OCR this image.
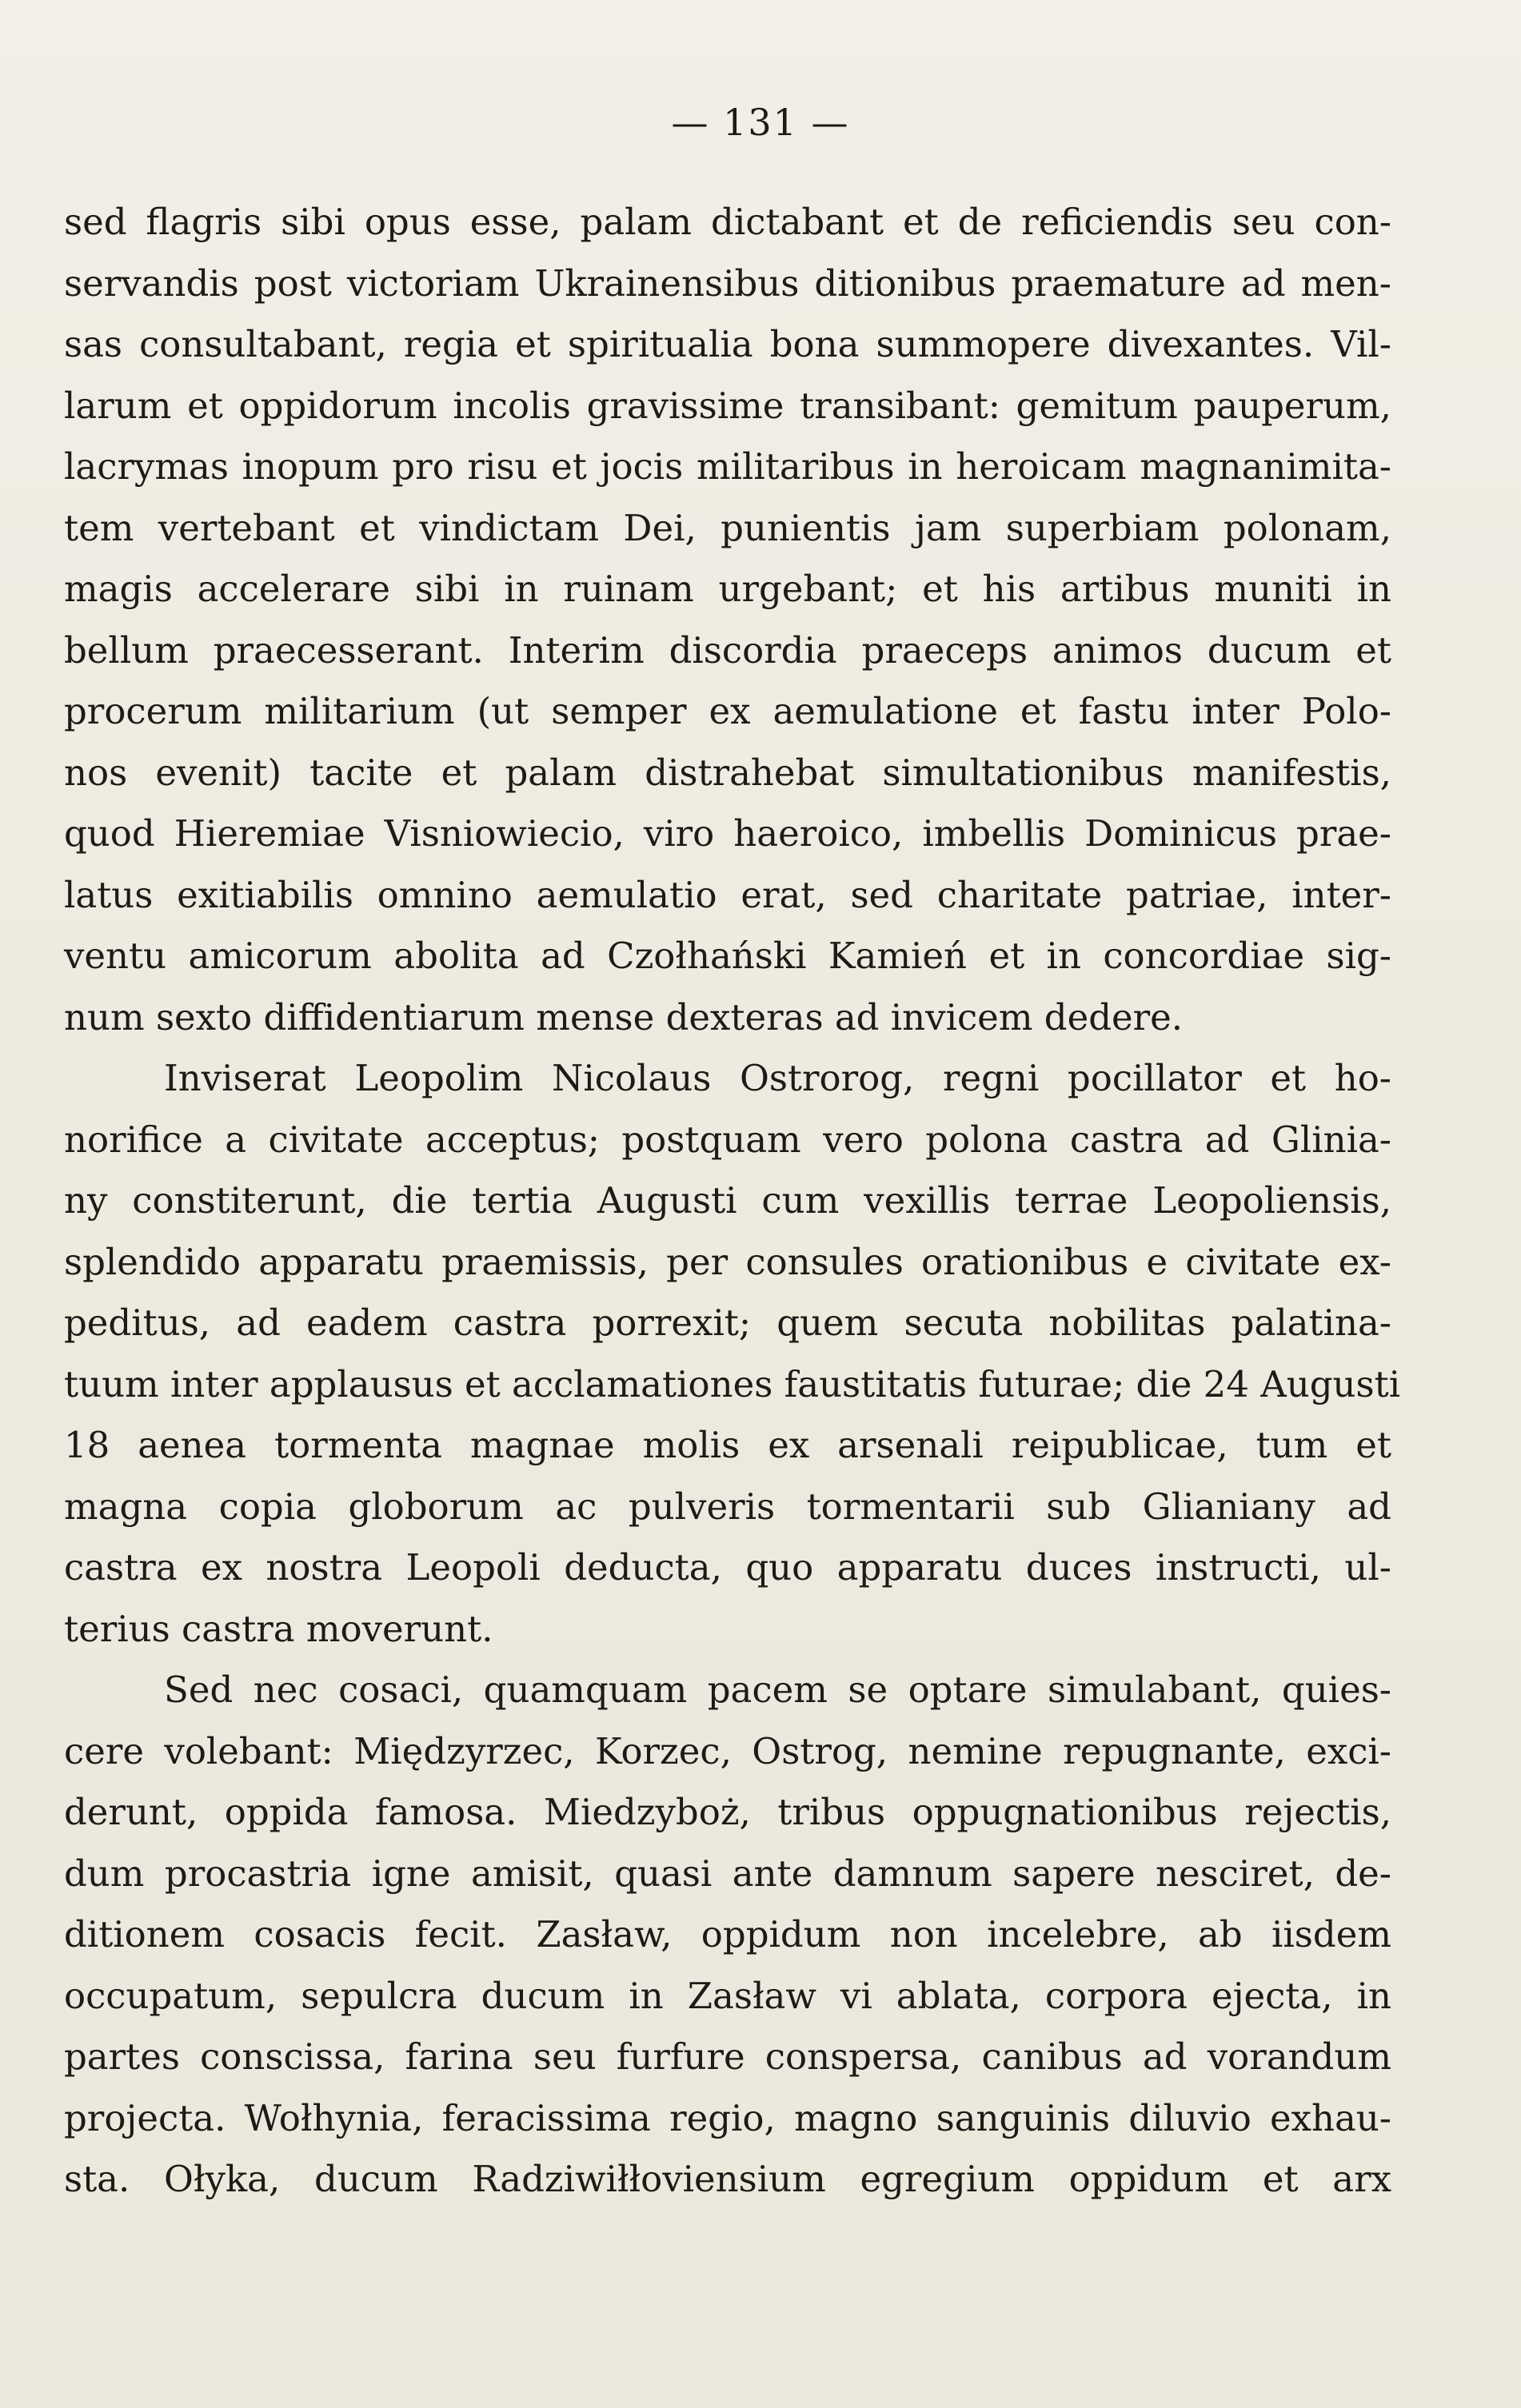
— 131 —
sed flagris sibi opus esse, palam dictabant et de reficiendis seu con-
servandis post victoriam Ukrainensibus ditionibus praemature ad men-
sas consultabant, regia et spiritualia bona summopere divexantes. Vil-
larum et oppidorum incolis gravissime transibant: gemitum pauperum,
lacrymas inopum pro risu et jocis militaribus in heroicam magnanimita-
tem vertebant et vindictam Dei, punientis jam superbiam polonam,
magis accelerare sibi in ruinam urgebant; et his artibus muniti in
bellum praecesserant. Interim discordia praeceps animos ducum et
procerum militarium (ut semper ex aemulatione et fastu inter Polo-
nos evenit) tacite et palam distrahebat simultationibus manifestis,
quod Hieremiae Visniowiecio, viro haeroico, imbellis Dominicus prae-
latus exitiabilis omnino aemulatio erat, sed charitate patriae, inter-
ventu amicorum abolita ad Czołhański Kamień et in concordiae sig-
num sexto diffidentiarum mense dexteras ad invicem dedere.
Inviserat Leopolim Nicolaus Ostrorog, regni pocillator et ho-
norifice a civitate acceptus; postquam vero polona castra ad Glinia-
ny constiterunt, die tertia Augusti cum vexillis terrae Leopoliensis,
splendido apparatu praemissis, per consules orationibus e civitate ex-
peditus, ad eadem castra porrexit; quem secuta nobilitas palatina-
tuum inter applausus et acclamationes faustitatis futurae; die 24 Augusti
18 aenea tormenta magnae molis ex arsenali reipublicae, tum et
magna copia globorum ac pulveris tormentarii sub Glianiany ad
castra ex nostra Leopoli deducta, quo apparatu duces instructi, ul-
terius castra moverunt.
Sed nec cosaci, quamquam pacem se optare simulabant, quies-
cere volebant: Międzyrzec, Korzec, Ostrog, nemine repugnante, exci-
derunt, oppida famosa. Miedzyboż, tribus oppugnationibus rejectis,
dum procastria igne amisit, quasi ante damnum sapere nesciret, de-
ditionem cosacis fecit. Zasław, oppidum non incelebre, ab iisdem
occupatum, sepulcra ducum in Zasław vi ablata, corpora ejecta, in
partes conscissa, farina seu furfure conspersa, canibus ad vorandum
projecta. Wołhynia, feracissima regio, magno sanguinis diluvio exhau-
sta. Ołyka, ducum Radziwiłłoviensium egregium oppidum et arx
